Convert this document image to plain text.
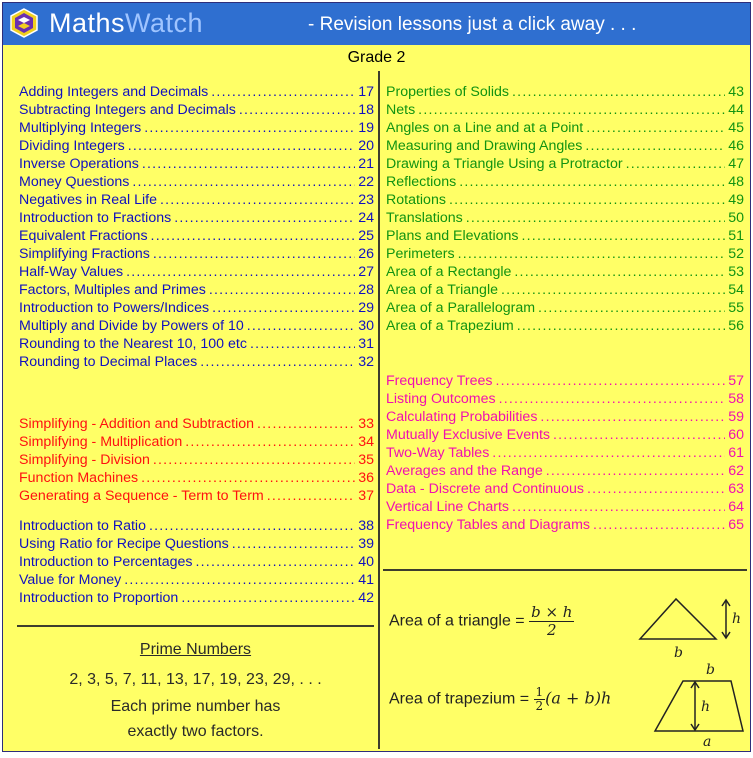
MathsWatch	- Revision lessons just a click away . . .
Grade 2
Adding Integers and Decimals .....	17
Subtracting Integers and Decimals .....	18
Multiplying Integers .....	19
Dividing Integers .....	20
Inverse Operations .....	21
Money Questions .....	22
Negatives in Real Life .....	23
Introduction to Fractions .....	24
Equivalent Fractions .....	25
Simplifying Fractions .....	26
Half-Way Values .....	27
Factors, Multiples and Primes .....	28
Introduction to Powers/Indices .....	29
Multiply and Divide by Powers of 10 .....	30
Rounding to the Nearest 10, 100 etc .....	31
Rounding to Decimal Places .....	32
Simplifying - Addition and Subtraction .....	33
Simplifying - Multiplication .....	34
Simplifying - Division .....	35
Function Machines .....	36
Generating a Sequence - Term to Term .....	37
Introduction to Ratio .....	38
Using Ratio for Recipe Questions .....	39
Introduction to Percentages .....	40
Value for Money .....	41
Introduction to Proportion .....	42
Properties of Solids .....	43
Nets .....	44
Angles on a Line and at a Point .....	45
Measuring and Drawing Angles .....	46
Drawing a Triangle Using a Protractor .....	47
Reflections .....	48
Rotations .....	49
Translations .....	50
Plans and Elevations .....	51
Perimeters .....	52
Area of a Rectangle .....	53
Area of a Triangle .....	54
Area of a Parallelogram .....	55
Area of a Trapezium .....	56
Frequency Trees .....	57
Listing Outcomes .....	58
Calculating Probabilities .....	59
Mutually Exclusive Events .....	60
Two-Way Tables .....	61
Averages and the Range .....	62
Data - Discrete and Continuous .....	63
Vertical Line Charts .....	64
Frequency Tables and Diagrams .....	65
Prime Numbers
2, 3, 5, 7, 11, 13, 17, 19, 23, 29, . . .
Each prime number has
exactly two factors.
Area of a triangle = $\frac{b \times h}{2}$	h
b
Area of trapezium = $\frac{1}{2} (a + b)h$
b
h
a
